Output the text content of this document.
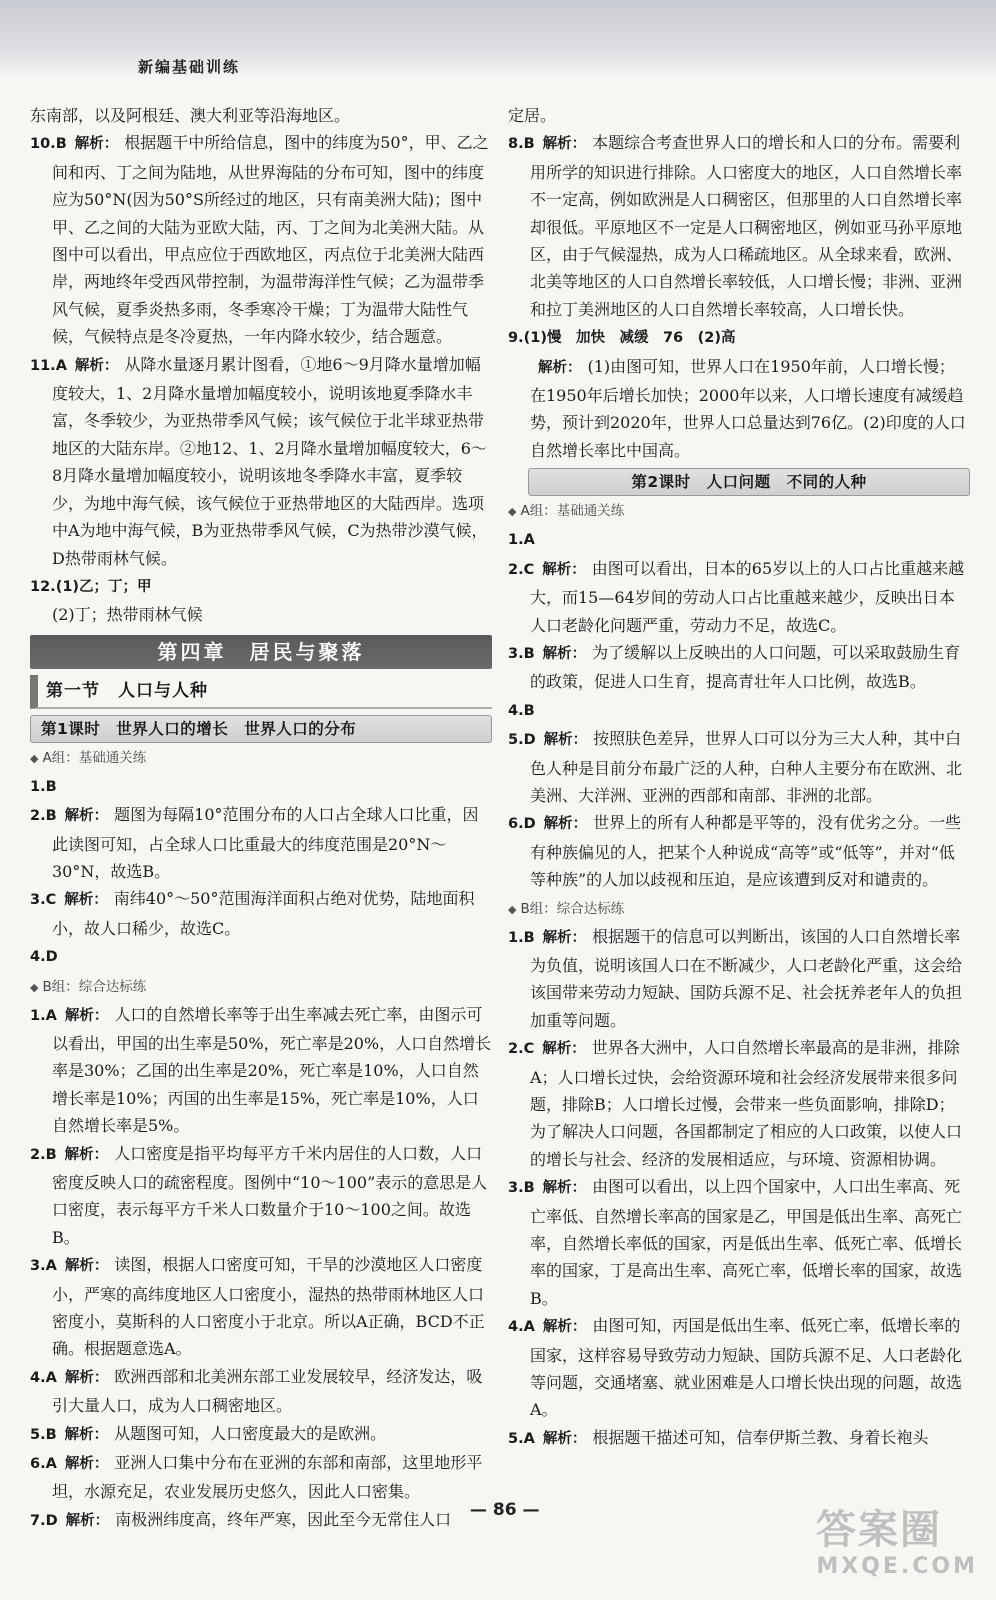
新编基础训练

东南部，以及阿根廷、澳大利亚等沿海地区。

10.B 解析： 根据题干中所给信息，图中的纬度为50°，甲、乙之间和丙、丁之间为陆地，从世界海陆的分布可知，图中的纬度应为50°N(因为50°S所经过的地区，只有南美洲大陆)；图中甲、乙之间的大陆为亚欧大陆，丙、丁之间为北美洲大陆。从图中可以看出，甲点应位于西欧地区，丙点位于北美洲大陆西岸，两地终年受西风带控制，为温带海洋性气候；乙为温带季风气候，夏季炎热多雨，冬季寒冷干燥；丁为温带大陆性气候，气候特点是冬冷夏热，一年内降水较少，结合题意。

11.A 解析： 从降水量逐月累计图看，①地6～9月降水量增加幅度较大，1、2月降水量增加幅度较小，说明该地夏季降水丰富，冬季较少，为亚热带季风气候；该气候位于北半球亚热带地区的大陆东岸。②地12、1、2月降水量增加幅度较大，6～8月降水量增加幅度较小，说明该地冬季降水丰富，夏季较少，为地中海气候，该气候位于亚热带地区的大陆西岸。选项中A为地中海气候，B为亚热带季风气候，C为热带沙漠气候，D热带雨林气候。

12.(1)乙；丁；甲

(2)丁；热带雨林气候

第四章　居民与聚落
第一节　人口与人种
第1课时　世界人口的增长　世界人口的分布
◆ A组：基础通关练

1.B

2.B 解析： 题图为每隔10°范围分布的人口占全球人口比重，因此读图可知，占全球人口比重最大的纬度范围是20°N～30°N，故选B。

3.C 解析： 南纬40°～50°范围海洋面积占绝对优势，陆地面积小，故人口稀少，故选C。

4.D

◆ B组：综合达标练

1.A 解析： 人口的自然增长率等于出生率减去死亡率，由图示可以看出，甲国的出生率是50%，死亡率是20%，人口自然增长率是30%；乙国的出生率是20%，死亡率是10%，人口自然增长率是10%；丙国的出生率是15%，死亡率是10%，人口自然增长率是5%。

2.B 解析： 人口密度是指平均每平方千米内居住的人口数，人口密度反映人口的疏密程度。图例中“10～100”表示的意思是人口密度，表示每平方千米人口数量介于10～100之间。故选B。

3.A 解析： 读图，根据人口密度可知，干旱的沙漠地区人口密度小，严寒的高纬度地区人口密度小，湿热的热带雨林地区人口密度小，莫斯科的人口密度小于北京。所以A正确，BCD不正确。根据题意选A。

4.A 解析： 欧洲西部和北美洲东部工业发展较早，经济发达，吸引大量人口，成为人口稠密地区。

5.B 解析： 从题图可知，人口密度最大的是欧洲。

6.A 解析： 亚洲人口集中分布在亚洲的东部和南部，这里地形平坦，水源充足，农业发展历史悠久，因此人口密集。

7.D 解析： 南极洲纬度高，终年严寒，因此至今无常住人口

定居。

8.B 解析： 本题综合考查世界人口的增长和人口的分布。需要利用所学的知识进行排除。人口密度大的地区，人口自然增长率不一定高，例如欧洲是人口稠密区，但那里的人口自然增长率却很低。平原地区不一定是人口稠密地区，例如亚马孙平原地区，由于气候湿热，成为人口稀疏地区。从全球来看，欧洲、北美等地区的人口自然增长率较低，人口增长慢；非洲、亚洲和拉丁美洲地区的人口自然增长率较高，人口增长快。

9.(1)慢　加快　减缓　76　(2)高

解析： (1)由图可知，世界人口在1950年前，人口增长慢；在1950年后增长加快；2000年以来，人口增长速度有减缓趋势，预计到2020年，世界人口总量达到76亿。(2)印度的人口自然增长率比中国高。

第2课时　人口问题　不同的人种
◆ A组：基础通关练

1.A

2.C 解析： 由图可以看出，日本的65岁以上的人口占比重越来越大，而15—64岁间的劳动人口占比重越来越少，反映出日本人口老龄化问题严重，劳动力不足，故选C。

3.B 解析： 为了缓解以上反映出的人口问题，可以采取鼓励生育的政策，促进人口生育，提高青壮年人口比例，故选B。

4.B

5.D 解析： 按照肤色差异，世界人口可以分为三大人种，其中白色人种是目前分布最广泛的人种，白种人主要分布在欧洲、北美洲、大洋洲、亚洲的西部和南部、非洲的北部。

6.D 解析： 世界上的所有人种都是平等的，没有优劣之分。一些有种族偏见的人，把某个人种说成“高等”或“低等”，并对“低等种族”的人加以歧视和压迫，是应该遭到反对和谴责的。

◆ B组：综合达标练

1.B 解析： 根据题干的信息可以判断出，该国的人口自然增长率为负值，说明该国人口在不断减少，人口老龄化严重，这会给该国带来劳动力短缺、国防兵源不足、社会抚养老年人的负担加重等问题。

2.C 解析： 世界各大洲中，人口自然增长率最高的是非洲，排除A；人口增长过快，会给资源环境和社会经济发展带来很多问题，排除B；人口增长过慢，会带来一些负面影响，排除D；为了解决人口问题，各国都制定了相应的人口政策，以使人口的增长与社会、经济的发展相适应，与环境、资源相协调。

3.B 解析： 由图可以看出，以上四个国家中，人口出生率高、死亡率低、自然增长率高的国家是乙，甲国是低出生率、高死亡率，自然增长率低的国家，丙是低出生率、低死亡率、低增长率的国家，丁是高出生率、高死亡率，低增长率的国家，故选B。

4.A 解析： 由图可知，丙国是低出生率、低死亡率，低增长率的国家，这样容易导致劳动力短缺、国防兵源不足、人口老龄化等问题，交通堵塞、就业困难是人口增长快出现的问题，故选A。

5.A 解析： 根据题干描述可知，信奉伊斯兰教、身着长袍头

— 86 —	答案圈
MXQE.COM
